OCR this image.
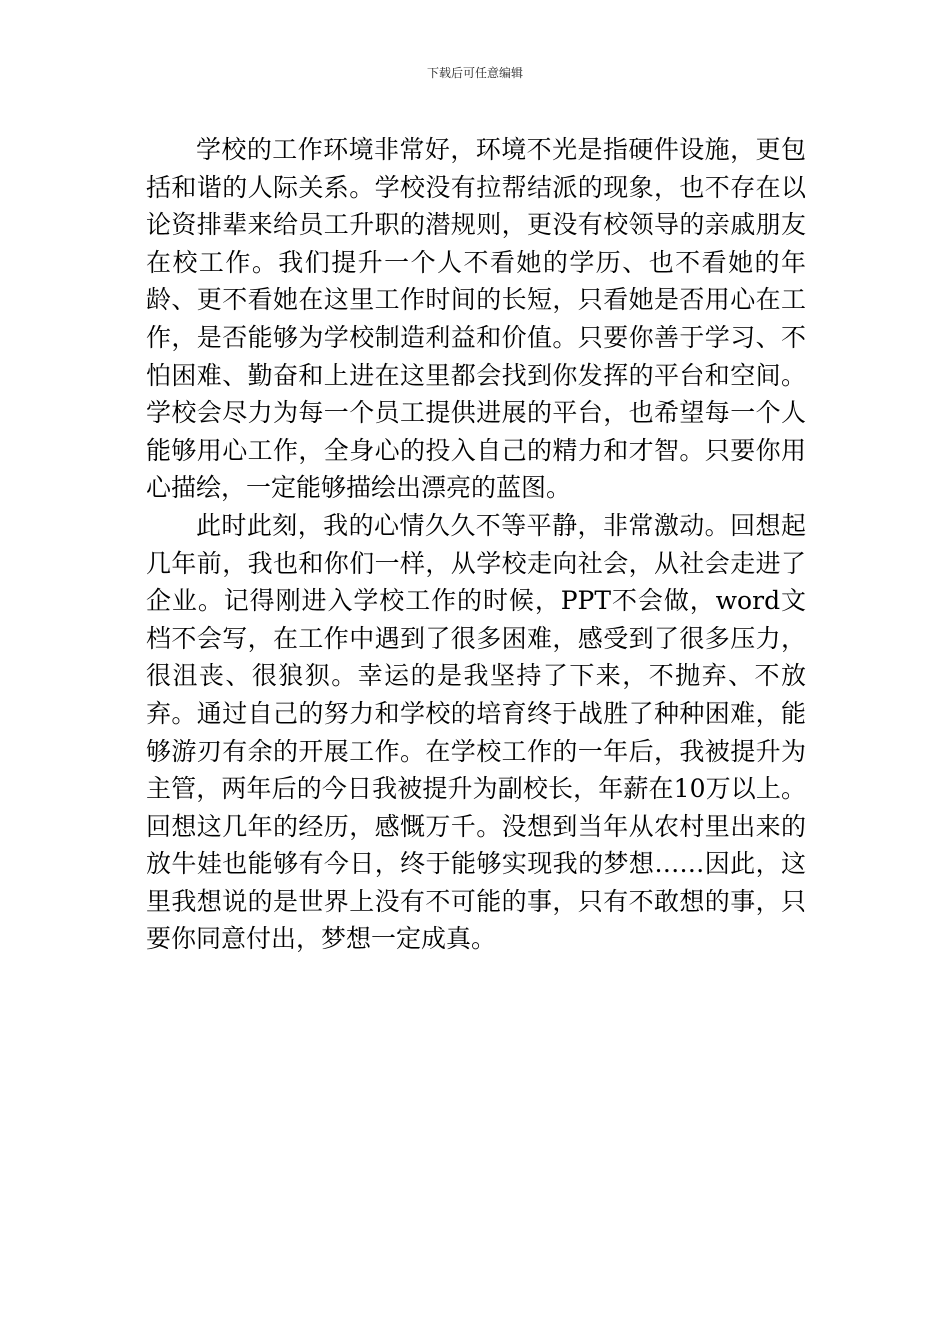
下载后可任意编辑

学校的工作环境非常好，环境不光是指硬件设施，更包括和谐的人际关系。学校没有拉帮结派的现象，也不存在以论资排辈来给员工升职的潜规则，更没有校领导的亲戚朋友在校工作。我们提升一个人不看她的学历、也不看她的年龄、更不看她在这里工作时间的长短，只看她是否用心在工作，是否能够为学校制造利益和价值。只要你善于学习、不怕困难、勤奋和上进在这里都会找到你发挥的平台和空间。学校会尽力为每一个员工提供进展的平台，也希望每一个人能够用心工作，全身心的投入自己的精力和才智。只要你用心描绘，一定能够描绘出漂亮的蓝图。

此时此刻，我的心情久久不等平静，非常激动。回想起几年前，我也和你们一样，从学校走向社会，从社会走进了企业。记得刚进入学校工作的时候，PPT不会做，word文档不会写，在工作中遇到了很多困难，感受到了很多压力，很沮丧、很狼狈。幸运的是我坚持了下来，不抛弃、不放弃。通过自己的努力和学校的培育终于战胜了种种困难，能够游刃有余的开展工作。在学校工作的一年后，我被提升为主管，两年后的今日我被提升为副校长，年薪在10万以上。回想这几年的经历，感慨万千。没想到当年从农村里出来的放牛娃也能够有今日，终于能够实现我的梦想……因此，这里我想说的是世界上没有不可能的事，只有不敢想的事，只要你同意付出，梦想一定成真。
